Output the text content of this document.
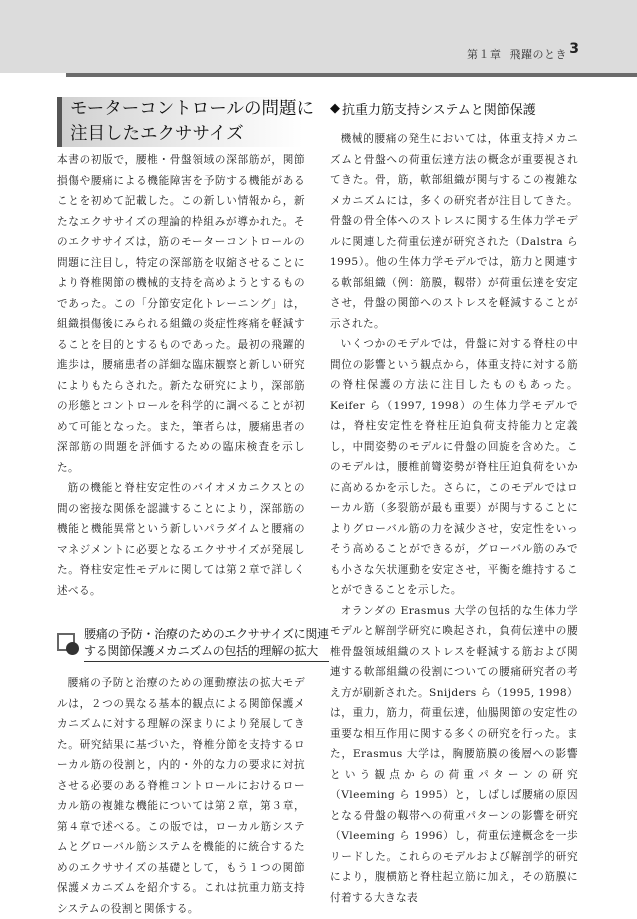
第１章 飛躍のとき 3
モーターコントロールの問題に
注目したエクササイズ

本書の初版で，腰椎・骨盤領域の深部筋が，関節損傷や腰痛による機能障害を予防する機能があることを初めて記載した。この新しい情報から，新たなエクササイズの理論的枠組みが導かれた。そのエクササイズは，筋のモーターコントロールの問題に注目し，特定の深部筋を収縮させることにより脊椎関節の機械的支持を高めようとするものであった。この「分節安定化トレーニング」は，組織損傷後にみられる組織の炎症性疼痛を軽減することを目的とするものであった。最初の飛躍的進歩は，腰痛患者の詳細な臨床観察と新しい研究によりもたらされた。新たな研究により，深部筋の形態とコントロールを科学的に調べることが初めて可能となった。また，筆者らは，腰痛患者の深部筋の問題を評価するための臨床検査を示した。

筋の機能と脊柱安定性のバイオメカニクスとの間の密接な関係を認識することにより，深部筋の機能と機能異常という新しいパラダイムと腰痛のマネジメントに必要となるエクササイズが発展した。脊柱安定性モデルに関しては第２章で詳しく述べる。

腰痛の予防・治療のためのエクササイズに関連
する関節保護メカニズムの包括的理解の拡大

腰痛の予防と治療のための運動療法の拡大モデルは，２つの異なる基本的観点による関節保護メカニズムに対する理解の深まりにより発展してきた。研究結果に基づいた，脊椎分節を支持するローカル筋の役割と，内的・外的な力の要求に対抗させる必要のある脊椎コントロールにおけるローカル筋の複雑な機能については第２章，第３章，第４章で述べる。この版では，ローカル筋システムとグローバル筋システムを機能的に統合するためのエクササイズの基礎として，もう１つの関節保護メカニズムを紹介する。これは抗重力筋支持システムの役割と関係する。

◆ 抗重力筋支持システムと関節保護

機械的腰痛の発生においては，体重支持メカニズムと骨盤への荷重伝達方法の概念が重要視されてきた。骨，筋，軟部組織が関与するこの複雑なメカニズムには，多くの研究者が注目してきた。骨盤の骨全体へのストレスに関する生体力学モデルに関連した荷重伝達が研究された（Dalstra ら 1995）。他の生体力学モデルでは，筋力と関連する軟部組織（例：筋膜，靱帯）が荷重伝達を安定させ，骨盤の関節へのストレスを軽減することが示された。

いくつかのモデルでは，骨盤に対する脊柱の中間位の影響という観点から，体重支持に対する筋の脊柱保護の方法に注目したものもあった。Keifer ら（1997, 1998）の生体力学モデルでは，脊柱安定性を脊柱圧迫負荷支持能力と定義し，中間姿勢のモデルに骨盤の回旋を含めた。このモデルは，腰椎前彎姿勢が脊柱圧迫負荷をいかに高めるかを示した。さらに，このモデルではローカル筋（多裂筋が最も重要）が関与することによりグローバル筋の力を減少させ，安定性をいっそう高めることができるが，グローバル筋のみでも小さな矢状運動を安定させ，平衡を維持することができることを示した。

オランダの Erasmus 大学の包括的な生体力学モデルと解剖学研究に喚起され，負荷伝達中の腰椎骨盤領域組織のストレスを軽減する筋および関連する軟部組織の役割についての腰痛研究者の考え方が刷新された。Snijders ら（1995, 1998）は，重力，筋力，荷重伝達，仙腸関節の安定性の重要な相互作用に関する多くの研究を行った。また，Erasmus 大学は，胸腰筋膜の後層への影響という観点からの荷重パターンの研究（Vleeming ら 1995）と，しばしば腰痛の原因となる骨盤の靱帯への荷重パターンの影響を研究（Vleeming ら 1996）し，荷重伝達概念を一歩リードした。これらのモデルおよび解剖学的研究により，腹横筋と脊柱起立筋に加え，その筋膜に付着する大きな表
